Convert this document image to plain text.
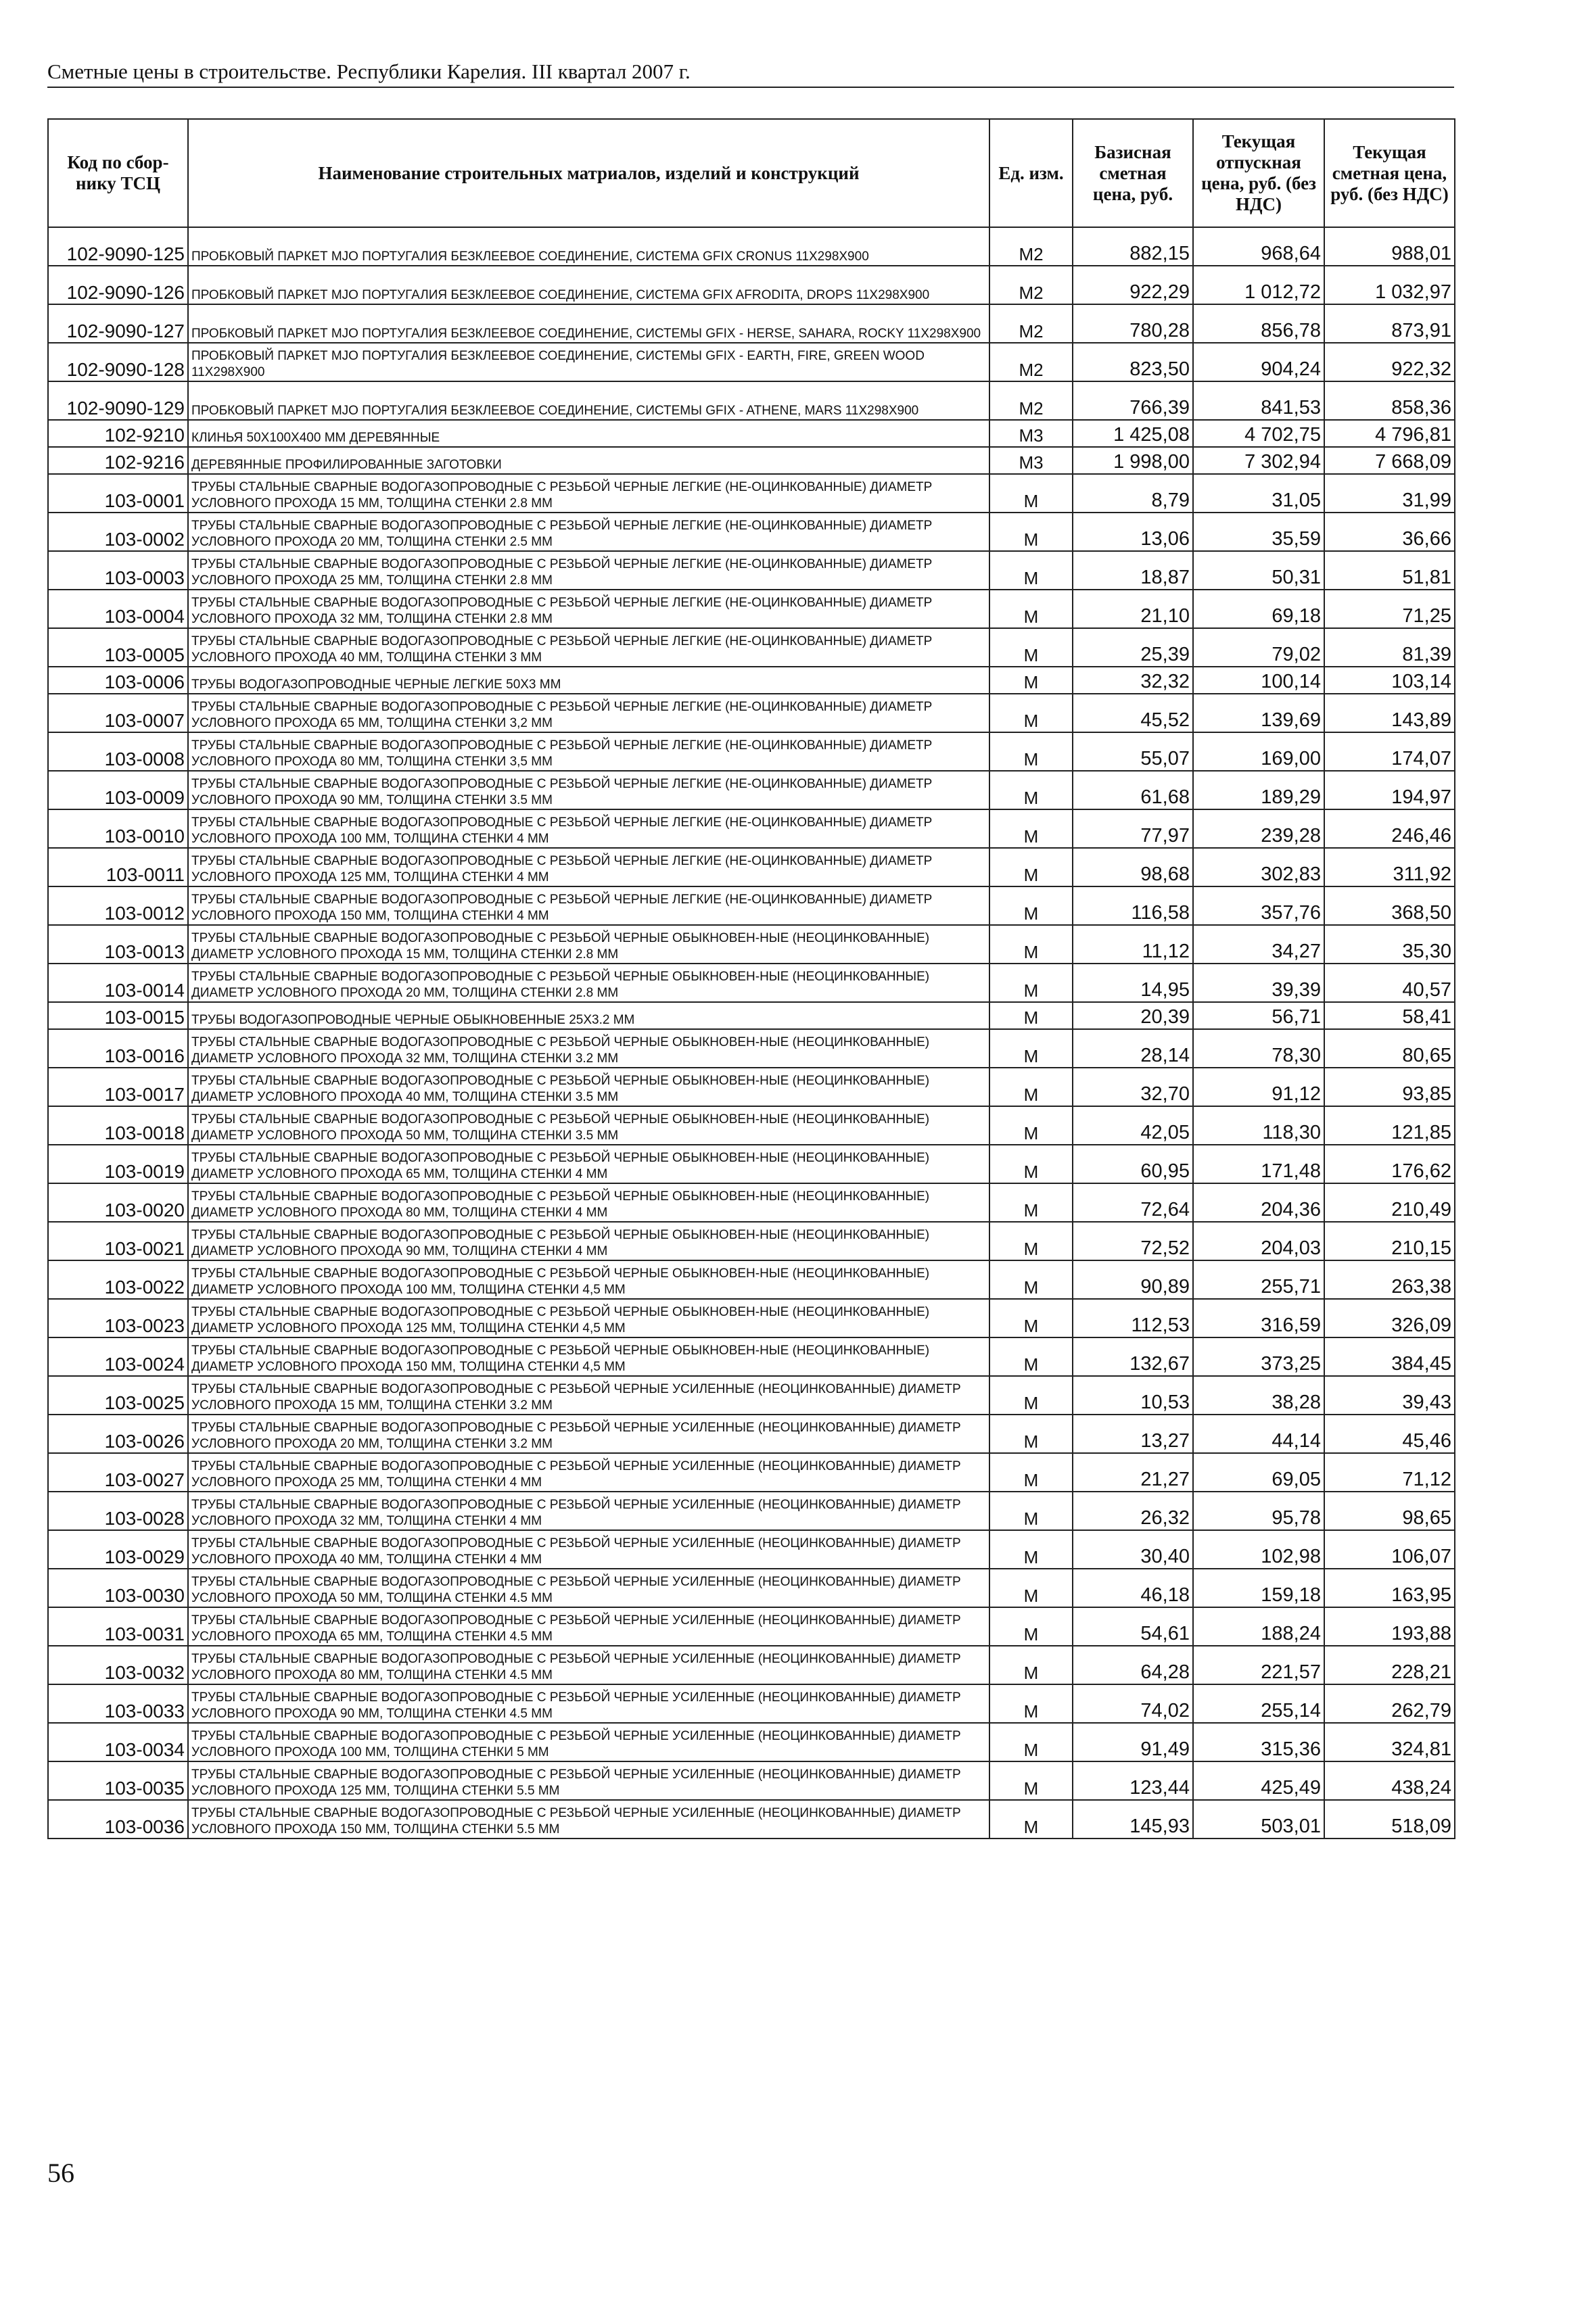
Сметные цены в строительстве. Республики Карелия. III квартал 2007 г.
Код по сбор-нику ТСЦ	Наименование строительных матриалов, изделий и конструкций	Ед. изм.	Базисная сметная цена, руб.	Текущая отпускная цена, руб. (без НДС)	Текущая сметная цена, руб. (без НДС)
102-9090-125	ПРОБКОВЫЙ ПАРКЕТ MJO ПОРТУГАЛИЯ БЕЗКЛЕЕВОЕ СОЕДИНЕНИЕ, СИСТЕМА GFIX CRONUS 11X298X900	М2	882,15	968,64	988,01
102-9090-126	ПРОБКОВЫЙ ПАРКЕТ MJO ПОРТУГАЛИЯ БЕЗКЛЕЕВОЕ СОЕДИНЕНИЕ, СИСТЕМА GFIX AFRODITA, DROPS 11X298X900	М2	922,29	1 012,72	1 032,97
102-9090-127	ПРОБКОВЫЙ ПАРКЕТ MJO ПОРТУГАЛИЯ БЕЗКЛЕЕВОЕ СОЕДИНЕНИЕ, СИСТЕМЫ GFIX - HERSE, SAHARA, ROCKY 11X298X900	М2	780,28	856,78	873,91
102-9090-128	ПРОБКОВЫЙ ПАРКЕТ MJO ПОРТУГАЛИЯ БЕЗКЛЕЕВОЕ СОЕДИНЕНИЕ, СИСТЕМЫ GFIX - EARTH, FIRE, GREEN WOOD 11X298X900	М2	823,50	904,24	922,32
102-9090-129	ПРОБКОВЫЙ ПАРКЕТ MJO ПОРТУГАЛИЯ БЕЗКЛЕЕВОЕ СОЕДИНЕНИЕ, СИСТЕМЫ GFIX - ATHENE, MARS 11X298X900	М2	766,39	841,53	858,36
102-9210	КЛИНЬЯ 50X100X400 ММ ДЕРЕВЯННЫЕ	М3	1 425,08	4 702,75	4 796,81
102-9216	ДЕРЕВЯННЫЕ ПРОФИЛИРОВАННЫЕ ЗАГОТОВКИ	М3	1 998,00	7 302,94	7 668,09
103-0001	ТРУБЫ СТАЛЬНЫЕ СВАРНЫЕ ВОДОГАЗОПРОВОДНЫЕ С РЕЗЬБОЙ ЧЕРНЫЕ ЛЕГКИЕ (НЕ-ОЦИНКОВАННЫЕ) ДИАМЕТР УСЛОВНОГО ПРОХОДА 15 ММ, ТОЛЩИНА СТЕНКИ 2.8 ММ	М	8,79	31,05	31,99
103-0002	ТРУБЫ СТАЛЬНЫЕ СВАРНЫЕ ВОДОГАЗОПРОВОДНЫЕ С РЕЗЬБОЙ ЧЕРНЫЕ ЛЕГКИЕ (НЕ-ОЦИНКОВАННЫЕ) ДИАМЕТР УСЛОВНОГО ПРОХОДА 20 ММ, ТОЛЩИНА СТЕНКИ 2.5 ММ	М	13,06	35,59	36,66
103-0003	ТРУБЫ СТАЛЬНЫЕ СВАРНЫЕ ВОДОГАЗОПРОВОДНЫЕ С РЕЗЬБОЙ ЧЕРНЫЕ ЛЕГКИЕ (НЕ-ОЦИНКОВАННЫЕ) ДИАМЕТР УСЛОВНОГО ПРОХОДА 25 ММ, ТОЛЩИНА СТЕНКИ 2.8 ММ	М	18,87	50,31	51,81
103-0004	ТРУБЫ СТАЛЬНЫЕ СВАРНЫЕ ВОДОГАЗОПРОВОДНЫЕ С РЕЗЬБОЙ ЧЕРНЫЕ ЛЕГКИЕ (НЕ-ОЦИНКОВАННЫЕ) ДИАМЕТР УСЛОВНОГО ПРОХОДА 32 ММ, ТОЛЩИНА СТЕНКИ 2.8 ММ	М	21,10	69,18	71,25
103-0005	ТРУБЫ СТАЛЬНЫЕ СВАРНЫЕ ВОДОГАЗОПРОВОДНЫЕ С РЕЗЬБОЙ ЧЕРНЫЕ ЛЕГКИЕ (НЕ-ОЦИНКОВАННЫЕ) ДИАМЕТР УСЛОВНОГО ПРОХОДА 40 ММ, ТОЛЩИНА СТЕНКИ 3 ММ	М	25,39	79,02	81,39
103-0006	ТРУБЫ ВОДОГАЗОПРОВОДНЫЕ ЧЕРНЫЕ ЛЕГКИЕ 50X3 ММ	М	32,32	100,14	103,14
103-0007	ТРУБЫ СТАЛЬНЫЕ СВАРНЫЕ ВОДОГАЗОПРОВОДНЫЕ С РЕЗЬБОЙ ЧЕРНЫЕ ЛЕГКИЕ (НЕ-ОЦИНКОВАННЫЕ) ДИАМЕТР УСЛОВНОГО ПРОХОДА 65 ММ, ТОЛЩИНА СТЕНКИ 3,2 ММ	М	45,52	139,69	143,89
103-0008	ТРУБЫ СТАЛЬНЫЕ СВАРНЫЕ ВОДОГАЗОПРОВОДНЫЕ С РЕЗЬБОЙ ЧЕРНЫЕ ЛЕГКИЕ (НЕ-ОЦИНКОВАННЫЕ) ДИАМЕТР УСЛОВНОГО ПРОХОДА 80 ММ, ТОЛЩИНА СТЕНКИ 3,5 ММ	М	55,07	169,00	174,07
103-0009	ТРУБЫ СТАЛЬНЫЕ СВАРНЫЕ ВОДОГАЗОПРОВОДНЫЕ С РЕЗЬБОЙ ЧЕРНЫЕ ЛЕГКИЕ (НЕ-ОЦИНКОВАННЫЕ) ДИАМЕТР УСЛОВНОГО ПРОХОДА 90 ММ, ТОЛЩИНА СТЕНКИ 3.5 ММ	М	61,68	189,29	194,97
103-0010	ТРУБЫ СТАЛЬНЫЕ СВАРНЫЕ ВОДОГАЗОПРОВОДНЫЕ С РЕЗЬБОЙ ЧЕРНЫЕ ЛЕГКИЕ (НЕ-ОЦИНКОВАННЫЕ) ДИАМЕТР УСЛОВНОГО ПРОХОДА 100 ММ, ТОЛЩИНА СТЕНКИ 4 ММ	М	77,97	239,28	246,46
103-0011	ТРУБЫ СТАЛЬНЫЕ СВАРНЫЕ ВОДОГАЗОПРОВОДНЫЕ С РЕЗЬБОЙ ЧЕРНЫЕ ЛЕГКИЕ (НЕ-ОЦИНКОВАННЫЕ) ДИАМЕТР УСЛОВНОГО ПРОХОДА 125 ММ, ТОЛЩИНА СТЕНКИ 4 ММ	М	98,68	302,83	311,92
103-0012	ТРУБЫ СТАЛЬНЫЕ СВАРНЫЕ ВОДОГАЗОПРОВОДНЫЕ С РЕЗЬБОЙ ЧЕРНЫЕ ЛЕГКИЕ (НЕ-ОЦИНКОВАННЫЕ) ДИАМЕТР УСЛОВНОГО ПРОХОДА 150 ММ, ТОЛЩИНА СТЕНКИ 4 ММ	М	116,58	357,76	368,50
103-0013	ТРУБЫ СТАЛЬНЫЕ СВАРНЫЕ ВОДОГАЗОПРОВОДНЫЕ С РЕЗЬБОЙ ЧЕРНЫЕ ОБЫКНОВЕН-НЫЕ (НЕОЦИНКОВАННЫЕ) ДИАМЕТР УСЛОВНОГО ПРОХОДА 15 ММ, ТОЛЩИНА СТЕНКИ 2.8 ММ	М	11,12	34,27	35,30
103-0014	ТРУБЫ СТАЛЬНЫЕ СВАРНЫЕ ВОДОГАЗОПРОВОДНЫЕ С РЕЗЬБОЙ ЧЕРНЫЕ ОБЫКНОВЕН-НЫЕ (НЕОЦИНКОВАННЫЕ) ДИАМЕТР УСЛОВНОГО ПРОХОДА 20 ММ, ТОЛЩИНА СТЕНКИ 2.8 ММ	М	14,95	39,39	40,57
103-0015	ТРУБЫ ВОДОГАЗОПРОВОДНЫЕ ЧЕРНЫЕ ОБЫКНОВЕННЫЕ 25X3.2 ММ	М	20,39	56,71	58,41
103-0016	ТРУБЫ СТАЛЬНЫЕ СВАРНЫЕ ВОДОГАЗОПРОВОДНЫЕ С РЕЗЬБОЙ ЧЕРНЫЕ ОБЫКНОВЕН-НЫЕ (НЕОЦИНКОВАННЫЕ) ДИАМЕТР УСЛОВНОГО ПРОХОДА 32 ММ, ТОЛЩИНА СТЕНКИ 3.2 ММ	М	28,14	78,30	80,65
103-0017	ТРУБЫ СТАЛЬНЫЕ СВАРНЫЕ ВОДОГАЗОПРОВОДНЫЕ С РЕЗЬБОЙ ЧЕРНЫЕ ОБЫКНОВЕН-НЫЕ (НЕОЦИНКОВАННЫЕ) ДИАМЕТР УСЛОВНОГО ПРОХОДА 40 ММ, ТОЛЩИНА СТЕНКИ 3.5 ММ	М	32,70	91,12	93,85
103-0018	ТРУБЫ СТАЛЬНЫЕ СВАРНЫЕ ВОДОГАЗОПРОВОДНЫЕ С РЕЗЬБОЙ ЧЕРНЫЕ ОБЫКНОВЕН-НЫЕ (НЕОЦИНКОВАННЫЕ) ДИАМЕТР УСЛОВНОГО ПРОХОДА 50 ММ, ТОЛЩИНА СТЕНКИ 3.5 ММ	М	42,05	118,30	121,85
103-0019	ТРУБЫ СТАЛЬНЫЕ СВАРНЫЕ ВОДОГАЗОПРОВОДНЫЕ С РЕЗЬБОЙ ЧЕРНЫЕ ОБЫКНОВЕН-НЫЕ (НЕОЦИНКОВАННЫЕ) ДИАМЕТР УСЛОВНОГО ПРОХОДА 65 ММ, ТОЛЩИНА СТЕНКИ 4 ММ	М	60,95	171,48	176,62
103-0020	ТРУБЫ СТАЛЬНЫЕ СВАРНЫЕ ВОДОГАЗОПРОВОДНЫЕ С РЕЗЬБОЙ ЧЕРНЫЕ ОБЫКНОВЕН-НЫЕ (НЕОЦИНКОВАННЫЕ) ДИАМЕТР УСЛОВНОГО ПРОХОДА 80 ММ, ТОЛЩИНА СТЕНКИ 4 ММ	М	72,64	204,36	210,49
103-0021	ТРУБЫ СТАЛЬНЫЕ СВАРНЫЕ ВОДОГАЗОПРОВОДНЫЕ С РЕЗЬБОЙ ЧЕРНЫЕ ОБЫКНОВЕН-НЫЕ (НЕОЦИНКОВАННЫЕ) ДИАМЕТР УСЛОВНОГО ПРОХОДА 90 ММ, ТОЛЩИНА СТЕНКИ 4 ММ	М	72,52	204,03	210,15
103-0022	ТРУБЫ СТАЛЬНЫЕ СВАРНЫЕ ВОДОГАЗОПРОВОДНЫЕ С РЕЗЬБОЙ ЧЕРНЫЕ ОБЫКНОВЕН-НЫЕ (НЕОЦИНКОВАННЫЕ) ДИАМЕТР УСЛОВНОГО ПРОХОДА 100 ММ, ТОЛЩИНА СТЕНКИ 4,5 ММ	М	90,89	255,71	263,38
103-0023	ТРУБЫ СТАЛЬНЫЕ СВАРНЫЕ ВОДОГАЗОПРОВОДНЫЕ С РЕЗЬБОЙ ЧЕРНЫЕ ОБЫКНОВЕН-НЫЕ (НЕОЦИНКОВАННЫЕ) ДИАМЕТР УСЛОВНОГО ПРОХОДА 125 ММ, ТОЛЩИНА СТЕНКИ 4,5 ММ	М	112,53	316,59	326,09
103-0024	ТРУБЫ СТАЛЬНЫЕ СВАРНЫЕ ВОДОГАЗОПРОВОДНЫЕ С РЕЗЬБОЙ ЧЕРНЫЕ ОБЫКНОВЕН-НЫЕ (НЕОЦИНКОВАННЫЕ) ДИАМЕТР УСЛОВНОГО ПРОХОДА 150 ММ, ТОЛЩИНА СТЕНКИ 4,5 ММ	М	132,67	373,25	384,45
103-0025	ТРУБЫ СТАЛЬНЫЕ СВАРНЫЕ ВОДОГАЗОПРОВОДНЫЕ С РЕЗЬБОЙ ЧЕРНЫЕ УСИЛЕННЫЕ (НЕОЦИНКОВАННЫЕ) ДИАМЕТР УСЛОВНОГО ПРОХОДА 15 ММ, ТОЛЩИНА СТЕНКИ 3.2 ММ	М	10,53	38,28	39,43
103-0026	ТРУБЫ СТАЛЬНЫЕ СВАРНЫЕ ВОДОГАЗОПРОВОДНЫЕ С РЕЗЬБОЙ ЧЕРНЫЕ УСИЛЕННЫЕ (НЕОЦИНКОВАННЫЕ) ДИАМЕТР УСЛОВНОГО ПРОХОДА 20 ММ, ТОЛЩИНА СТЕНКИ 3.2 ММ	М	13,27	44,14	45,46
103-0027	ТРУБЫ СТАЛЬНЫЕ СВАРНЫЕ ВОДОГАЗОПРОВОДНЫЕ С РЕЗЬБОЙ ЧЕРНЫЕ УСИЛЕННЫЕ (НЕОЦИНКОВАННЫЕ) ДИАМЕТР УСЛОВНОГО ПРОХОДА 25 ММ, ТОЛЩИНА СТЕНКИ 4 ММ	М	21,27	69,05	71,12
103-0028	ТРУБЫ СТАЛЬНЫЕ СВАРНЫЕ ВОДОГАЗОПРОВОДНЫЕ С РЕЗЬБОЙ ЧЕРНЫЕ УСИЛЕННЫЕ (НЕОЦИНКОВАННЫЕ) ДИАМЕТР УСЛОВНОГО ПРОХОДА 32 ММ, ТОЛЩИНА СТЕНКИ 4 ММ	М	26,32	95,78	98,65
103-0029	ТРУБЫ СТАЛЬНЫЕ СВАРНЫЕ ВОДОГАЗОПРОВОДНЫЕ С РЕЗЬБОЙ ЧЕРНЫЕ УСИЛЕННЫЕ (НЕОЦИНКОВАННЫЕ) ДИАМЕТР УСЛОВНОГО ПРОХОДА 40 ММ, ТОЛЩИНА СТЕНКИ 4 ММ	М	30,40	102,98	106,07
103-0030	ТРУБЫ СТАЛЬНЫЕ СВАРНЫЕ ВОДОГАЗОПРОВОДНЫЕ С РЕЗЬБОЙ ЧЕРНЫЕ УСИЛЕННЫЕ (НЕОЦИНКОВАННЫЕ) ДИАМЕТР УСЛОВНОГО ПРОХОДА 50 ММ, ТОЛЩИНА СТЕНКИ 4.5 ММ	М	46,18	159,18	163,95
103-0031	ТРУБЫ СТАЛЬНЫЕ СВАРНЫЕ ВОДОГАЗОПРОВОДНЫЕ С РЕЗЬБОЙ ЧЕРНЫЕ УСИЛЕННЫЕ (НЕОЦИНКОВАННЫЕ) ДИАМЕТР УСЛОВНОГО ПРОХОДА 65 ММ, ТОЛЩИНА СТЕНКИ 4.5 ММ	М	54,61	188,24	193,88
103-0032	ТРУБЫ СТАЛЬНЫЕ СВАРНЫЕ ВОДОГАЗОПРОВОДНЫЕ С РЕЗЬБОЙ ЧЕРНЫЕ УСИЛЕННЫЕ (НЕОЦИНКОВАННЫЕ) ДИАМЕТР УСЛОВНОГО ПРОХОДА 80 ММ, ТОЛЩИНА СТЕНКИ 4.5 ММ	М	64,28	221,57	228,21
103-0033	ТРУБЫ СТАЛЬНЫЕ СВАРНЫЕ ВОДОГАЗОПРОВОДНЫЕ С РЕЗЬБОЙ ЧЕРНЫЕ УСИЛЕННЫЕ (НЕОЦИНКОВАННЫЕ) ДИАМЕТР УСЛОВНОГО ПРОХОДА 90 ММ, ТОЛЩИНА СТЕНКИ 4.5 ММ	М	74,02	255,14	262,79
103-0034	ТРУБЫ СТАЛЬНЫЕ СВАРНЫЕ ВОДОГАЗОПРОВОДНЫЕ С РЕЗЬБОЙ ЧЕРНЫЕ УСИЛЕННЫЕ (НЕОЦИНКОВАННЫЕ) ДИАМЕТР УСЛОВНОГО ПРОХОДА 100 ММ, ТОЛЩИНА СТЕНКИ 5 ММ	М	91,49	315,36	324,81
103-0035	ТРУБЫ СТАЛЬНЫЕ СВАРНЫЕ ВОДОГАЗОПРОВОДНЫЕ С РЕЗЬБОЙ ЧЕРНЫЕ УСИЛЕННЫЕ (НЕОЦИНКОВАННЫЕ) ДИАМЕТР УСЛОВНОГО ПРОХОДА 125 ММ, ТОЛЩИНА СТЕНКИ 5.5 ММ	М	123,44	425,49	438,24
103-0036	ТРУБЫ СТАЛЬНЫЕ СВАРНЫЕ ВОДОГАЗОПРОВОДНЫЕ С РЕЗЬБОЙ ЧЕРНЫЕ УСИЛЕННЫЕ (НЕОЦИНКОВАННЫЕ) ДИАМЕТР УСЛОВНОГО ПРОХОДА 150 ММ, ТОЛЩИНА СТЕНКИ 5.5 ММ	М	145,93	503,01	518,09
56
